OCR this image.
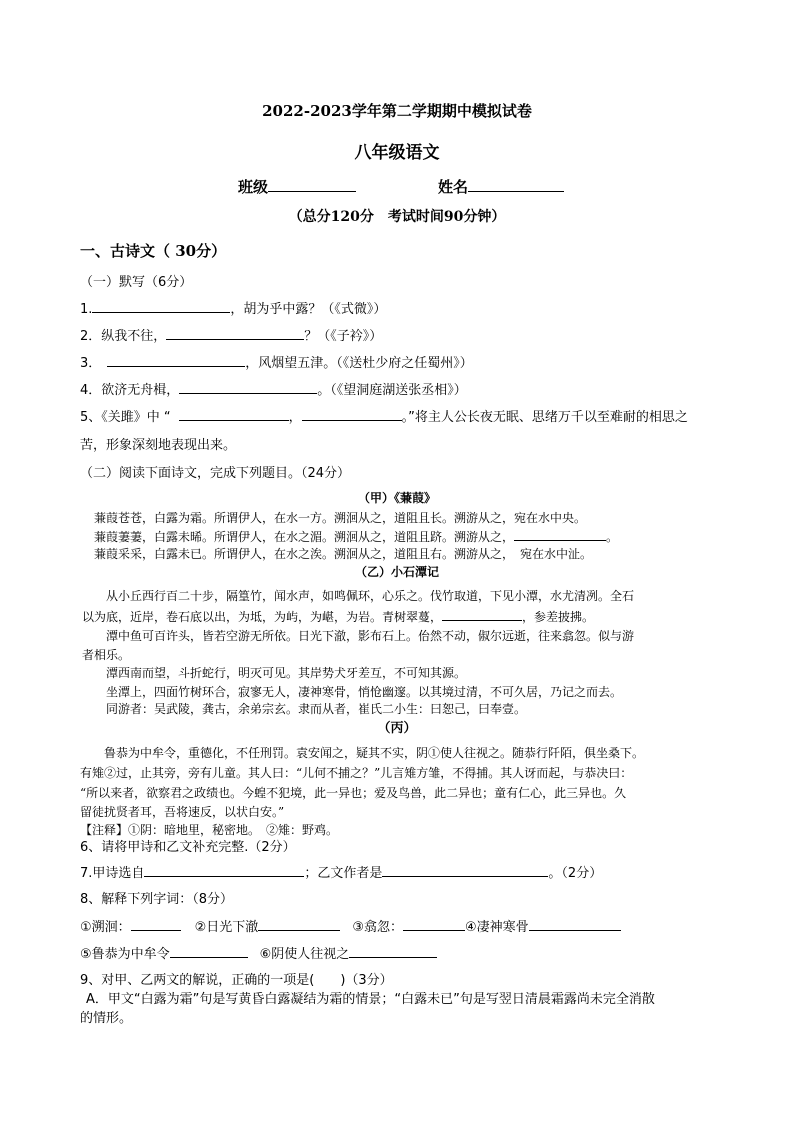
2022-2023学年第二学期期中模拟试卷
八年级语文
班级	姓名
（总分120分　考试时间90分钟）
一、古诗文（ 30分）
（一）默写（6分）
1.	，胡为乎中露？（《式微》）
2．纵我不往，	？（《子衿》）
3．	，风烟望五津。（《送杜少府之任蜀州》）
4．欲济无舟楫，	。（《望洞庭湖送张丞相》）
5、《关雎》中 “	，	。”将主人公长夜无眠、思绪万千以至难耐的相思之
苦，形象深刻地表现出来。
（二）阅读下面诗文，完成下列题目。（24分）
（甲）《蒹葭》
蒹葭苍苍，白露为霜。所谓伊人，在水一方。溯洄从之，道阻且长。溯游从之，宛在水中央。
蒹葭萋萋，白露未晞。所谓伊人，在水之湄。溯洄从之，道阻且跻。溯游从之，	。
蒹葭采采，白露未已。所谓伊人，在水之涘。溯洄从之，道阻且右。溯游从之，　宛在水中沚。
（乙）小石潭记
从小丘西行百二十步，隔篁竹，闻水声，如鸣佩环，心乐之。伐竹取道，下见小潭，水尤清冽。全石
以为底，近岸，卷石底以出，为坻，为屿，为嵁，为岩。青树翠蔓，	，参差披拂。
潭中鱼可百许头，皆若空游无所依。日光下澈，影布石上。佁然不动，俶尔远逝，往来翕忽。似与游
者相乐。
潭西南而望，斗折蛇行，明灭可见。其岸势犬牙差互，不可知其源。
坐潭上，四面竹树环合，寂寥无人，凄神寒骨，悄怆幽邃。以其境过清，不可久居，乃记之而去。
同游者：吴武陵，龚古，余弟宗玄。隶而从者，崔氏二小生：曰恕己，曰奉壹。
（丙）
鲁恭为中牟令，重德化，不任刑罚。袁安闻之，疑其不实，阴①使人往视之。随恭行阡陌，俱坐桑下。
有雉②过，止其旁，旁有儿童。其人曰：“儿何不捕之？”儿言雉方雏，不得捕。其人讶而起，与恭决曰：
“所以来者，欲察君之政绩也。今蝗不犯境，此一异也；爱及鸟兽，此二异也；童有仁心，此三异也。久
留徒扰贤者耳，吾将速反，以状白安。”
【注释】①阴：暗地里，秘密地。　②雉：野鸡。
6、请将甲诗和乙文补充完整.（2分）
7.甲诗选自	；乙文作者是	。（2分）
8、解释下列字词：（8分）
①溯洄：	②日光下澈	③翕忽：	④凄神寒骨
⑤鲁恭为中牟令	⑥阴使人往视之
9、对甲、乙两文的解说，正确的一项是(　　)（3分）
A．甲文“白露为霜”句是写黄昏白露凝结为霜的情景；“白露未已”句是写翌日清晨霜露尚未完全消散
的情形。
